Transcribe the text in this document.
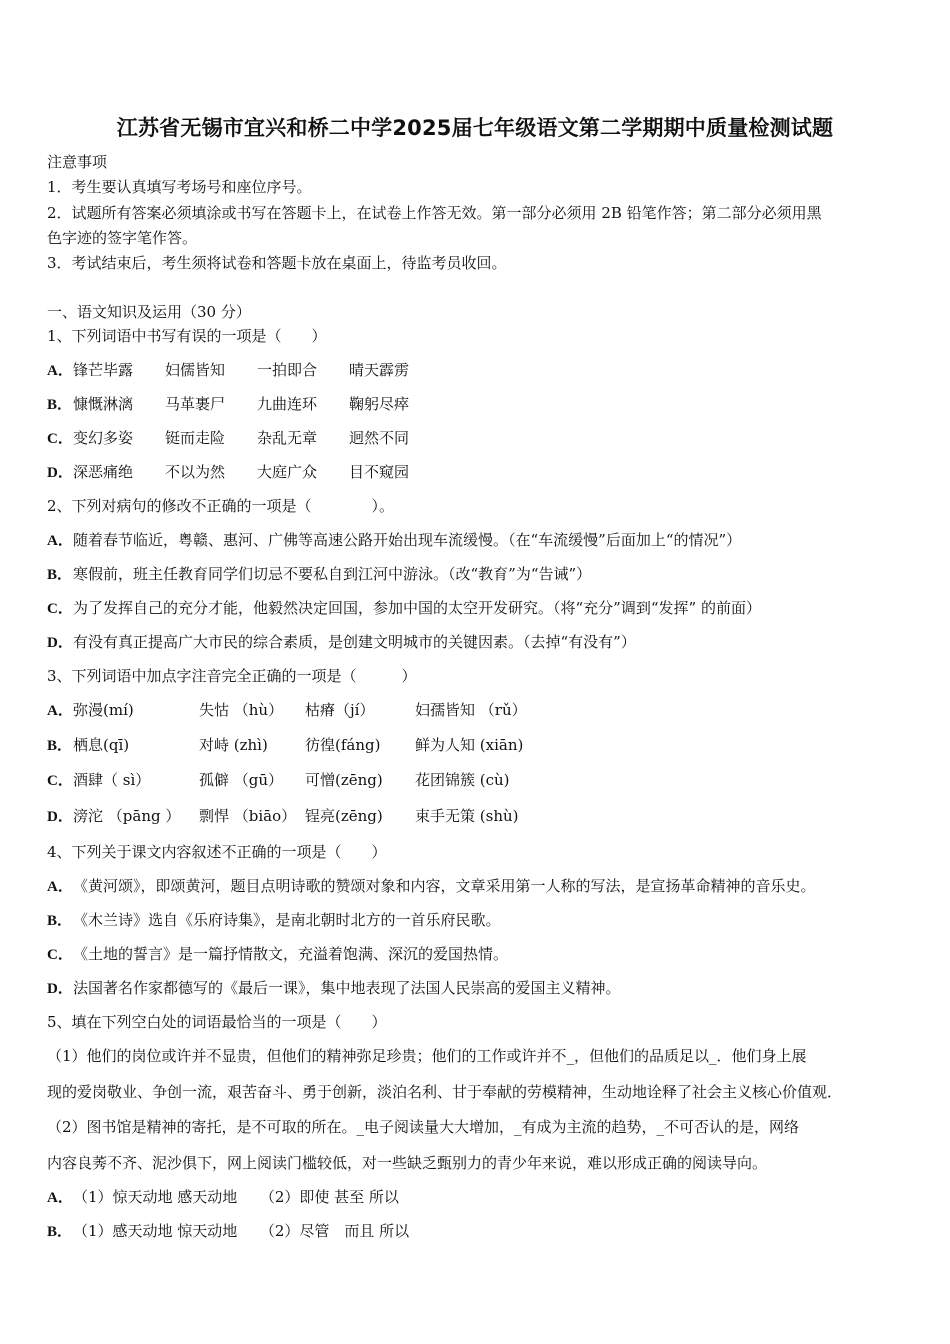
江苏省无锡市宜兴和桥二中学2025届七年级语文第二学期期中质量检测试题
注意事项
1．考生要认真填写考场号和座位序号。
2．试题所有答案必须填涂或书写在答题卡上，在试卷上作答无效。第一部分必须用 2B 铅笔作答；第二部分必须用黑
色字迹的签字笔作答。
3．考试结束后，考生须将试卷和答题卡放在桌面上，待监考员收回。
一、语文知识及运用（30 分）
1、下列词语中书写有误的一项是（　　）
A．锋芒毕露 妇儒皆知 一拍即合 晴天霹雳
B．慷慨淋漓 马革裹尸 九曲连环 鞠躬尽瘁
C．变幻多姿 铤而走险 杂乱无章 迥然不同
D．深恶痛绝 不以为然 大庭广众 目不窥园
2、下列对病句的修改不正确的一项是（　　　　）。
A．随着春节临近，粤赣、惠河、广佛等高速公路开始出现车流缓慢。（在“车流缓慢”后面加上“的情况”）
B．寒假前，班主任教育同学们切忌不要私自到江河中游泳。（改“教育”为“告诫”）
C．为了发挥自己的充分才能，他毅然决定回国，参加中国的太空开发研究。（将“充分”调到“发挥” 的前面）
D．有没有真正提高广大市民的综合素质，是创建文明城市的关键因素。（去掉“有没有”）
3、下列词语中加点字注音完全正确的一项是（　　　）
A．弥漫(mí)	失怙 （hù） 枯瘠（jí）	妇孺皆知 （rǔ）
B．栖息(qī)	对峙 (zhì) 彷徨(fáng) 鲜为人知 (xiān)
C．酒肆（ sì）	孤僻 （gū） 可憎(zēng) 花团锦簇 (cù)
D．滂沱 （pāng ） 剽悍 （biāo） 锃亮(zēng) 束手无策 (shù)
4、下列关于课文内容叙述不正确的一项是（　　）
A．《黄河颂》，即颂黄河，题目点明诗歌的赞颂对象和内容，文章采用第一人称的写法，是宣扬革命精神的音乐史。
B．《木兰诗》选自《乐府诗集》，是南北朝时北方的一首乐府民歌。
C．《土地的誓言》是一篇抒情散文，充溢着饱满、深沉的爱国热情。
D．法国著名作家都德写的《最后一课》，集中地表现了法国人民崇高的爱国主义精神。
5、填在下列空白处的词语最恰当的一项是（　　）
（1）他们的岗位或许并不显贵，但他们的精神弥足珍贵；他们的工作或许并不_，但他们的品质足以_．他们身上展
现的爱岗敬业、争创一流，艰苦奋斗、勇于创新，淡泊名利、甘于奉献的劳模精神，生动地诠释了社会主义核心价值观．
（2）图书馆是精神的寄托，是不可取的所在。_电子阅读量大大增加，_有成为主流的趋势，_不可否认的是，网络
内容良莠不齐、泥沙俱下，网上阅读门槛较低，对一些缺乏甄别力的青少年来说，难以形成正确的阅读导向。
A．（1）惊天动地 感天动地　　（2）即使 甚至 所以
B．（1）感天动地 惊天动地　　（2）尽管　而且 所以
